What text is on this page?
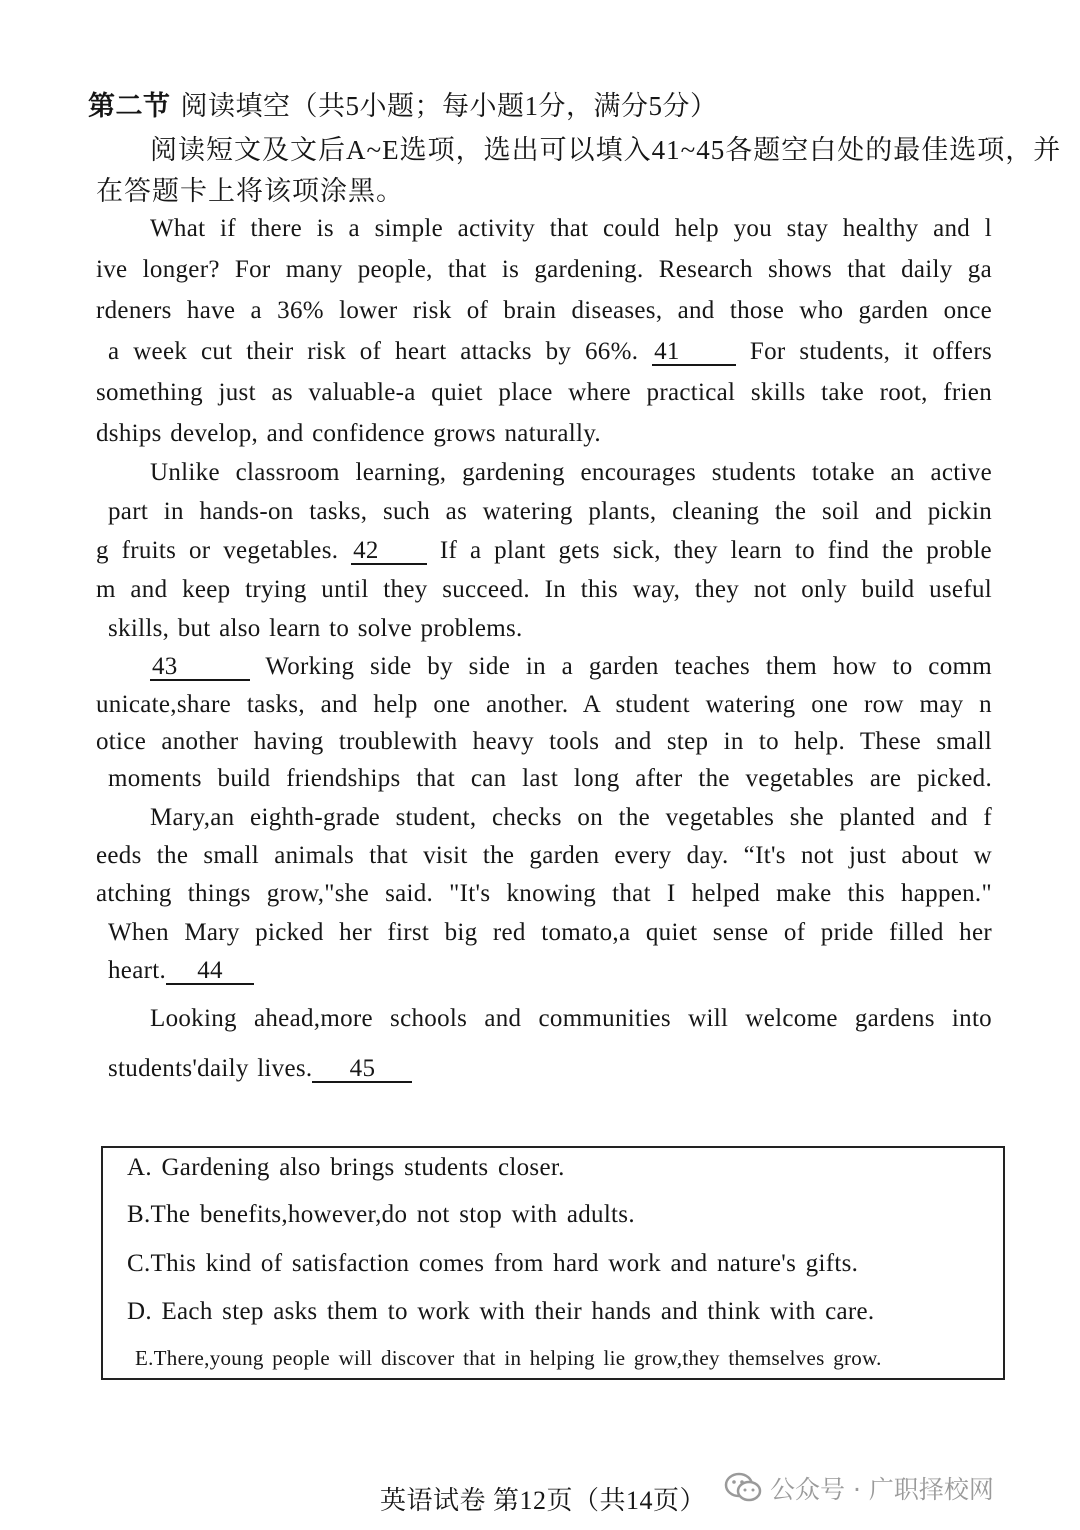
第二节 阅读填空（共5小题；每小题1分，满分5分）
阅读短文及文后A~E选项，选出可以填入41~45各题空白处的最佳选项，并
在答题卡上将该项涂黑。
What if there is a simple activity that could help you stay healthy and l
ive longer? For many people, that is gardening. Research shows that daily ga
rdeners have a 36% lower risk of brain diseases, and those who garden once
a week cut their risk of heart attacks by 66%. 41	For students, it offers
something just as valuable-a quiet place where practical skills take root, frien
dships develop, and confidence grows naturally.
Unlike classroom learning, gardening encourages students totake an active
part in hands-on tasks, such as watering plants, cleaning the soil and pickin
g fruits or vegetables. 42 If a plant gets sick, they learn to find the proble
m and keep trying until they succeed. In this way, they not only build useful
skills, but also learn to solve problems.
43	Working side by side in a garden teaches them how to comm
unicate,share tasks, and help one another. A student watering one row may n
otice another having troublewith heavy tools and step in to help. These small
moments build friendships that can last long after the vegetables are picked.
Mary,an eighth-grade student, checks on the vegetables she planted and f
eeds the small animals that visit the garden every day. “It's not just about w
atching things grow,"she said. "It's knowing that I helped make this happen."
When Mary picked her first big red tomato,a quiet sense of pride filled her
heart. 44
Looking ahead,more schools and communities will welcome gardens into
students'daily lives. 45
A. Gardening also brings students closer.
B.The benefits,however,do not stop with adults.
C.This kind of satisfaction comes from hard work and nature's gifts.
D. Each step asks them to work with their hands and think with care.
E.There,young people will discover that in helping lie grow,they themselves grow.
英语试卷 第12页（共14页）	公众号 · 广职择校网
